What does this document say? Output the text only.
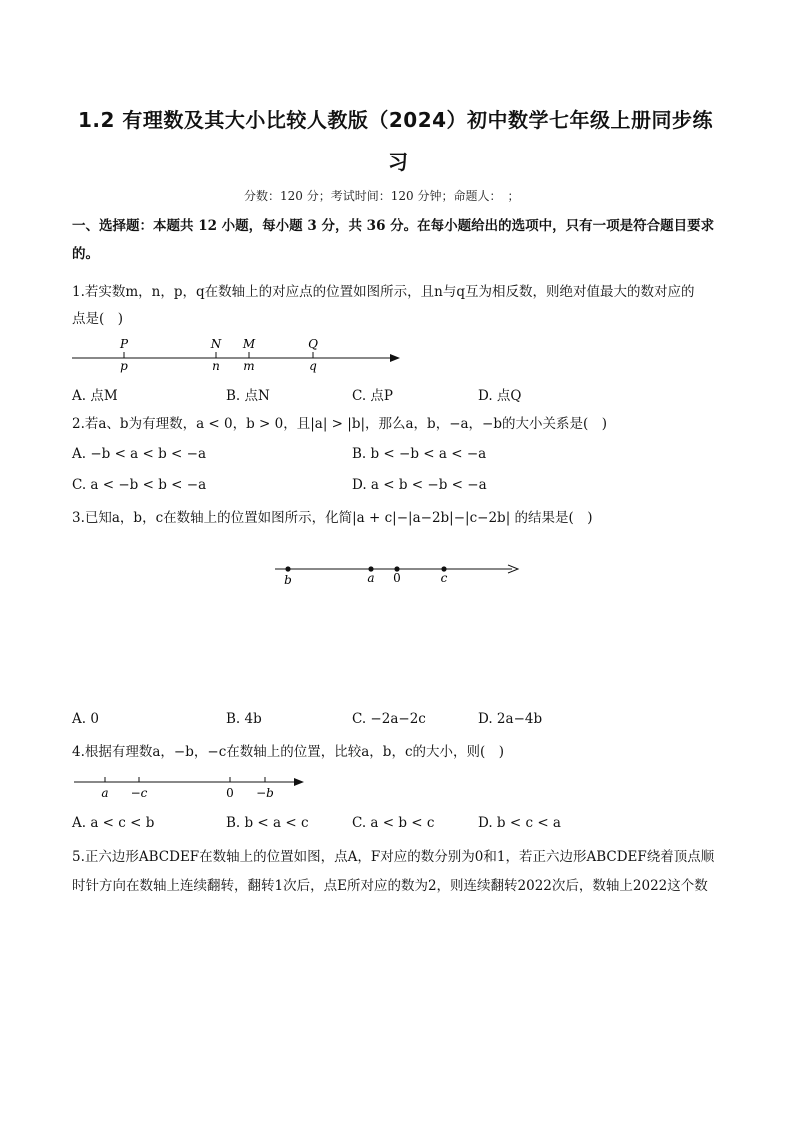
1.2 有理数及其大小比较人教版（2024）初中数学七年级上册同步练
习
分数：120 分；考试时间：120 分钟；命题人：　；
一、选择题：本题共 12 小题，每小题 3 分，共 36 分。在每小题给出的选项中，只有一项是符合题目要求
的。
1.若实数m，n，p，q在数轴上的对应点的位置如图所示，且n与q互为相反数，则绝对值最大的数对应的
点是(　)
P	N M	Q
p	n m	q
A. 点M	B. 点N	C. 点P	D. 点Q
2.若a、b为有理数，a < 0，b > 0，且|a| > |b|，那么a，b，−a，−b的大小关系是(　)
A. −b < a < b < −a	B. b < −b < a < −a
C. a < −b < b < −a	D. a < b < −b < −a
3.已知a，b，c在数轴上的位置如图所示，化简|a + c|−|a−2b|−|c−2b| 的结果是(　)
b	a 0	c
A. 0	B. 4b	C. −2a−2c	D. 2a−4b
4.根据有理数a，−b，−c在数轴上的位置，比较a，b，c的大小，则(　)
a −c	0 −b
A. a < c < b	B. b < a < c	C. a < b < c	D. b < c < a
5.正六边形ABCDEF在数轴上的位置如图，点A，F对应的数分别为0和1，若正六边形ABCDEF绕着顶点顺
时针方向在数轴上连续翻转，翻转1次后，点E所对应的数为2，则连续翻转2022次后，数轴上2022这个数
